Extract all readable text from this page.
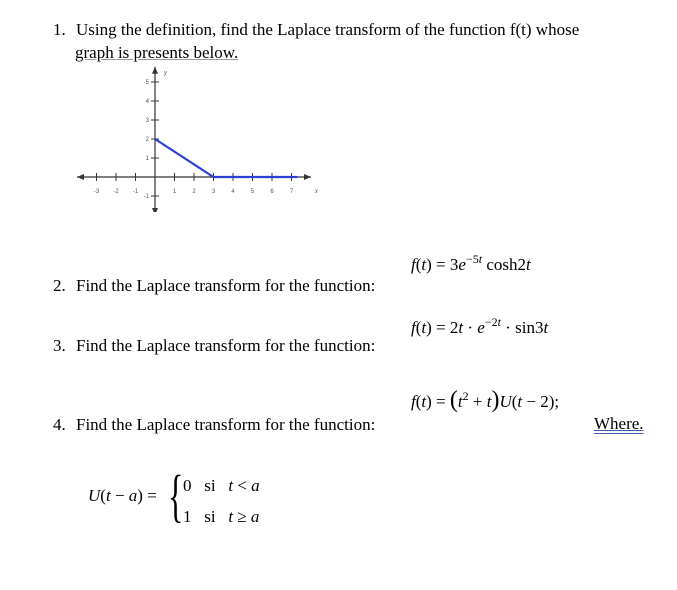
1. Using the definition, find the Laplace transform of the function f(t) whose
graph is presents below.
-3 -2 -1	1	2	3	4	5	6	7
5
4
3
2
1
-1
x
y
$f(t) = 3e^{-5t}$ cosh2t
2. Find the Laplace transform for the function:
$f(t) = 2t \cdot e^{-2t} \cdot \sin 3t$
3. Find the Laplace transform for the function:
$f(t) = (t^2 + t)U(t - 2)$;
4. Find the Laplace transform for the function:	Where.
U(t − a) = { 0   si   t < a
1   si   t ≥ a
